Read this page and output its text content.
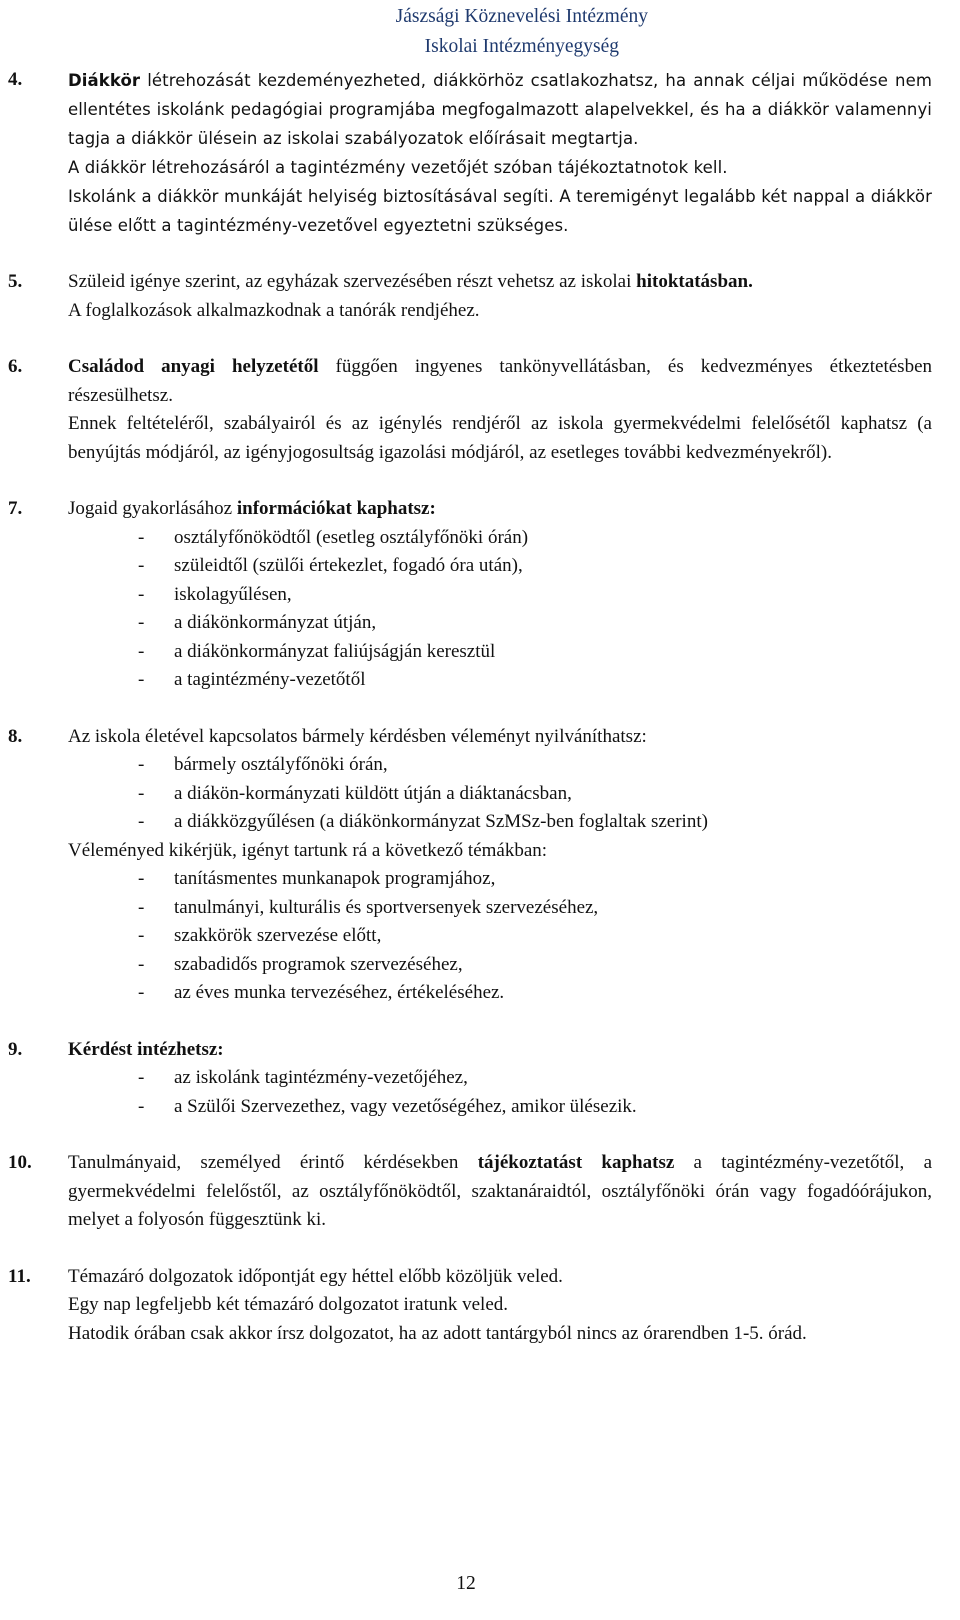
Jászsági Köznevelési Intézmény
Iskolai Intézményegység
4.	Diákkör létrehozását kezdeményezheted, diákkörhöz csatlakozhatsz, ha annak céljai működése nem ellentétes iskolánk pedagógiai programjába megfogalmazott alapelvekkel, és ha a diákkör valamennyi tagja a diákkör ülésein az iskolai szabályozatok előírásait megtartja.

A diákkör létrehozásáról a tagintézmény vezetőjét szóban tájékoztatnotok kell.

Iskolánk a diákkör munkáját helyiség biztosításával segíti. A teremigényt legalább két nappal a diákkör ülése előtt a tagintézmény-vezetővel egyeztetni szükséges.

5. Szüleid igénye szerint, az egyházak szervezésében részt vehetsz az iskolai hitoktatásban.

A foglalkozások alkalmazkodnak a tanórák rendjéhez.

6. Családod anyagi helyzetétől függően ingyenes tankönyvellátásban, és kedvezményes étkeztetésben részesülhetsz.

Ennek feltételéről, szabályairól és az igénylés rendjéről az iskola gyermekvédelmi felelősétől kaphatsz (a benyújtás módjáról, az igényjogosultság igazolási módjáról, az esetleges további kedvezményekről).

7. Jogaid gyakorlásához információkat kaphatsz:

- osztályfőnöködtől (esetleg osztályfőnöki órán)
- szüleidtől (szülői értekezlet, fogadó óra után),
- iskolagyűlésen,
- a diákönkormányzat útján,
- a diákönkormányzat faliújságján keresztül
- a tagintézmény-vezetőtől
8. Az iskola életével kapcsolatos bármely kérdésben véleményt nyilváníthatsz:

- bármely osztályfőnöki órán,
- a diákön-kormányzati küldött útján a diáktanácsban,
- a diákközgyűlésen (a diákönkormányzat SzMSz-ben foglaltak szerint)

Véleményed kikérjük, igényt tartunk rá a következő témákban:

- tanításmentes munkanapok programjához,
- tanulmányi, kulturális és sportversenyek szervezéséhez,
- szakkörök szervezése előtt,
- szabadidős programok szervezéséhez,
- az éves munka tervezéséhez, értékeléséhez.
9. Kérdést intézhetsz:

- az iskolánk tagintézmény-vezetőjéhez,
- a Szülői Szervezethez, vagy vezetőségéhez, amikor ülésezik.
10. Tanulmányaid, személyed érintő kérdésekben tájékoztatást kaphatsz a tagintézmény-vezetőtől, a gyermekvédelmi felelőstől, az osztályfőnöködtől, szaktanáraidtól, osztályfőnöki órán vagy fogadóórájukon, melyet a folyosón függesztünk ki.

11. Témazáró dolgozatok időpontját egy héttel előbb közöljük veled.

Egy nap legfeljebb két témazáró dolgozatot iratunk veled.

Hatodik órában csak akkor írsz dolgozatot, ha az adott tantárgyból nincs az órarendben 1-5. órád.

12
